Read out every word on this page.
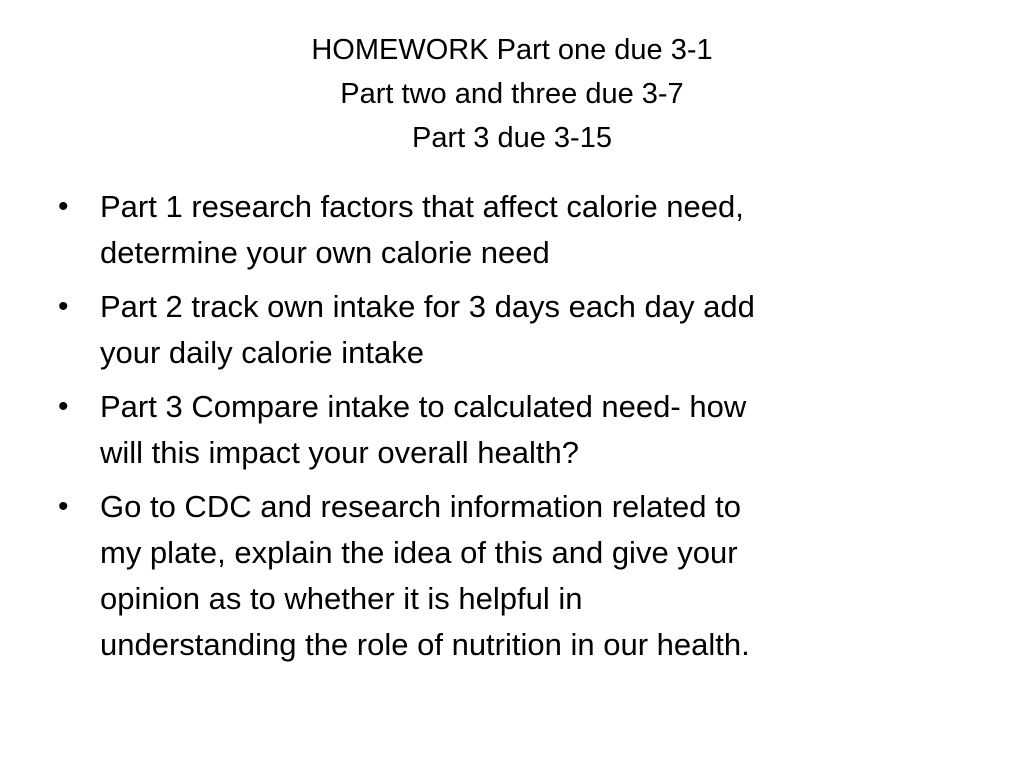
HOMEWORK Part one due 3-1
Part two and three due 3-7
Part 3 due 3-15
• Part 1 research factors that affect calorie need,
determine your own calorie need
• Part 2 track own intake for 3 days each day add
your daily calorie intake
• Part 3 Compare intake to calculated need- how
will this impact your overall health?
• Go to CDC and research information related to
my plate, explain the idea of this and give your
opinion as to whether it is helpful in
understanding the role of nutrition in our health.
